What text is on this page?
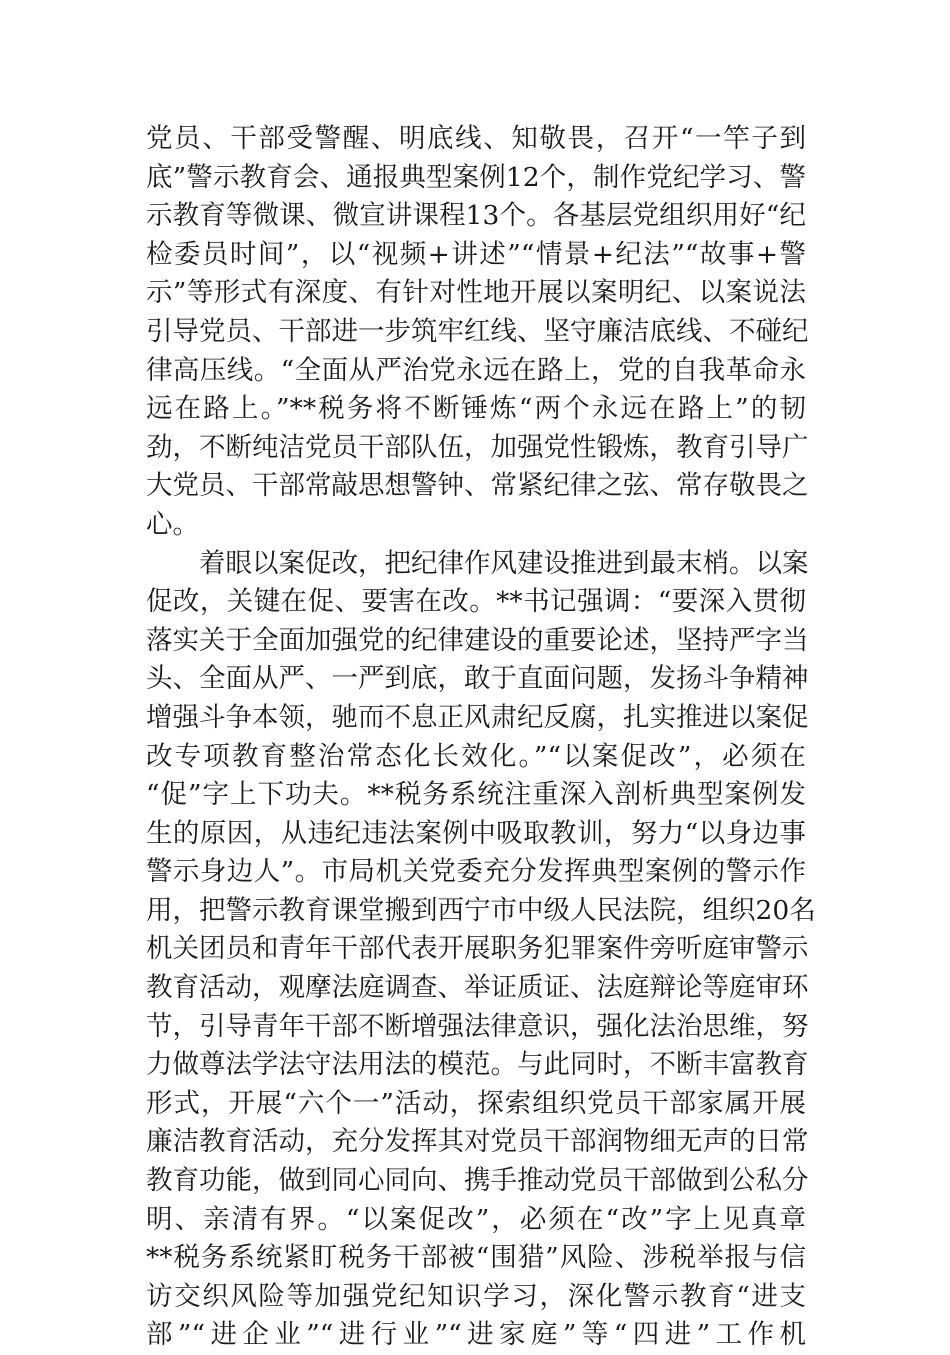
党员、干部受警醒、明底线、知敬畏，召开“一竿子到
底”警示教育会、通报典型案例12个，制作党纪学习、警
示教育等微课、微宣讲课程13个。各基层党组织用好“纪
检委员时间”，以“视频+讲述”“情景+纪法”“故事+警
示”等形式有深度、有针对性地开展以案明纪、以案说法
引导党员、干部进一步筑牢红线、坚守廉洁底线、不碰纪
律高压线。“全面从严治党永远在路上，党的自我革命永
远在路上。”**税务将不断锤炼“两个永远在路上”的韧
劲，不断纯洁党员干部队伍，加强党性锻炼，教育引导广
大党员、干部常敲思想警钟、常紧纪律之弦、常存敬畏之
心。
着眼以案促改，把纪律作风建设推进到最末梢。以案
促改，关键在促、要害在改。**书记强调：“要深入贯彻
落实关于全面加强党的纪律建设的重要论述，坚持严字当
头、全面从严、一严到底，敢于直面问题，发扬斗争精神
增强斗争本领，驰而不息正风肃纪反腐，扎实推进以案促
改专项教育整治常态化长效化。”“以案促改”，必须在
“促”字上下功夫。**税务系统注重深入剖析典型案例发
生的原因，从违纪违法案例中吸取教训，努力“以身边事
警示身边人”。市局机关党委充分发挥典型案例的警示作
用，把警示教育课堂搬到西宁市中级人民法院，组织20名
机关团员和青年干部代表开展职务犯罪案件旁听庭审警示
教育活动，观摩法庭调查、举证质证、法庭辩论等庭审环
节，引导青年干部不断增强法律意识，强化法治思维，努
力做尊法学法守法用法的模范。与此同时，不断丰富教育
形式，开展“六个一”活动，探索组织党员干部家属开展
廉洁教育活动，充分发挥其对党员干部润物细无声的日常
教育功能，做到同心同向、携手推动党员干部做到公私分
明、亲清有界。“以案促改”，必须在“改”字上见真章
**税务系统紧盯税务干部被“围猎”风险、涉税举报与信
访交织风险等加强党纪知识学习，深化警示教育“进支
部”“进企业”“进行业”“进家庭”等“四进”工作机
